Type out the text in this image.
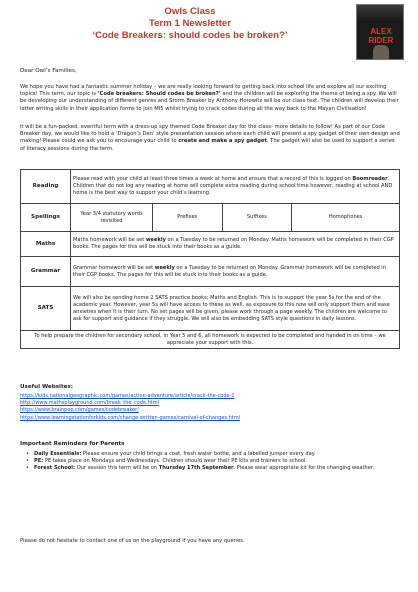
Owls Class
Term 1 Newsletter
‘Code Breakers: should codes be broken?’	ALEX RIDER
Dear Owl’s Families,
We hope you have had a fantastic summer holiday – we are really looking forward to getting back into school life and explore all our exciting topics! This term, our topic is ‘Code breakers: Should codes be broken?’ and the children will be exploring the theme of being a spy. We will be developing our understanding of different genres and Storm Breaker by Anthony Horowitz will be our class text. The children will develop their letter writing skills in their application forms to join MI5 whilst trying to crack codes during all the way back to the Mayan Civilisation!
It will be a fun-packed, eventful term with a dress-up spy themed Code Breaker day for the class- more details to follow! As part of our Code Breaker day, we would like to hold a ‘Dragon’s Den’ style presentation session where each child will present a spy gadget of their own design and making! Please could we ask you to encourage your child to create and make a spy gadget. The gadget will also be used to support a series of literacy sessions during the term.
Reading	Please read with your child at least three times a week at home and ensure that a record of this is logged on Boomreader. Children that do not log any reading at home will complete extra reading during school time however, reading at school AND home is the best way to support your child’s learning.			
Spellings	Year 3/4 statutory words revisited	Prefixes	Suffixes	Homophones
Maths	Maths homework will be set weekly on a Tuesday to be returned on Monday. Maths homework will be completed in their CGP books. The pages for this will be stuck into their books as a guide.			
Grammar	Grammar homework will be set weekly on a Tuesday to be returned on Monday. Grammar homework will be completed in their CGP books. The pages for this will be stuck into their books as a guide.			
SATS	We will also be sending home 2 SATS practice books; Maths and English. This is to support the year 5s for the end of the academic year. However, year 5s will have access to these as well, as exposure to this now will only support them and ease anxieties when it is their turn. No set pages will be given, please work through a page weekly. The children are welcome to ask for support and guidance if they struggle. We will also be embedding SATS style questions in daily lessons.			
To help prepare the children for secondary school, in Year 5 and 6, all homework is expected to be completed and handed in on time – we appreciate your support with this.				
Useful Websites:
https://kids.nationalgeographic.com/games/action-adventure/article/crack-the-code-1
http://www.mathsplayground.com/break_the_code.html
https://www.brainpop.com/games/codebreaker/
https://www.learningstationforkids.com/change-written-games/carnival-of-changes.html
Important Reminders for Parents
• Daily Essentials: Please ensure your child brings a coat, fresh water bottle, and a labelled jumper every day.
• PE: PE takes place on Mondays and Wednesdays. Children should wear their PE kits and trainers to school.
• Forest School: Our session this term will be on Thursday 17th September. Please wear appropriate kit for the changing weather.
Please do not hesitate to contact one of us on the playground if you have any queries.
